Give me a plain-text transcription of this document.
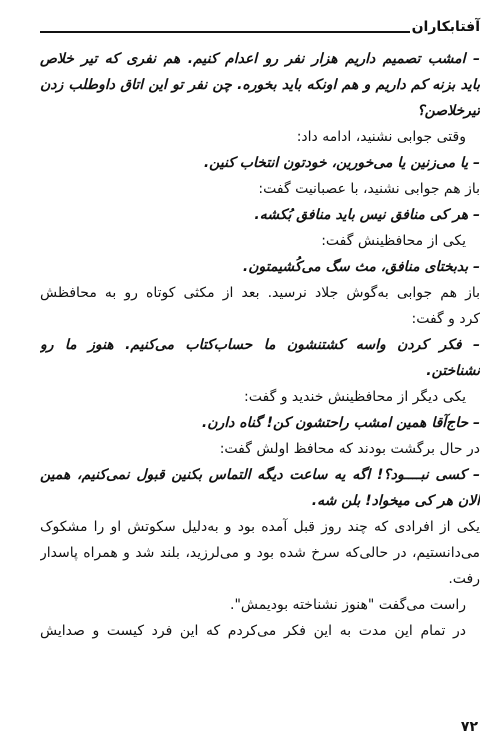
آفتابکاران
– امشب تصمیم داریم هزار نفر رو اعدام کنیم. هم نفری که تیر خلاص
باید بزنه کم داریم و هم اونکه باید بخوره. چن نفر تو این اتاق داوطلب زدن
تیرخلاصن؟
وقتی جوابی نشنید، ادامه داد:
– یا می‌زنین یا می‌خورین، خودتون انتخاب کنین.
باز هم جوابی نشنید، با عصبانیت گفت:
– هر کی منافق نیس باید منافق بُکشه.
یکی از محافظینش گفت:
– بدبختای منافق، مث سگ می‌کُشیمتون.
باز هم جوابی به‌گوش جلاد نرسید. بعد از مکثی کوتاه رو به محافظش
کرد و گفت:
– فکر کردن واسه کشتنشون ما حساب‌کتاب می‌کنیم. هنوز ما رو
نشناختن.
یکی دیگر از محافظینش خندید و گفت:
– حاج‌آقا همین امشب راحتشون کن! گناه دارن.
در حال برگشت بودند که محافظ اولش گفت:
– کسی نبــــود؟! اگه یه ساعت دیگه التماس بکنین قبول نمی‌کنیم، همین
الان هر کی میخواد! بلن شه.
یکی از افرادی که چند روز قبل آمده بود و به‌دلیل سکوتش او را مشکوک
می‌دانستیم، در حالی‌که سرخ شده بود و می‌لرزید، بلند شد و همراه پاسدار
رفت.
راست می‌گفت "هنوز نشناخته بودیمش".
در تمام این مدت به این فکر می‌کردم که این فرد کیست و صدایش
۷۲
